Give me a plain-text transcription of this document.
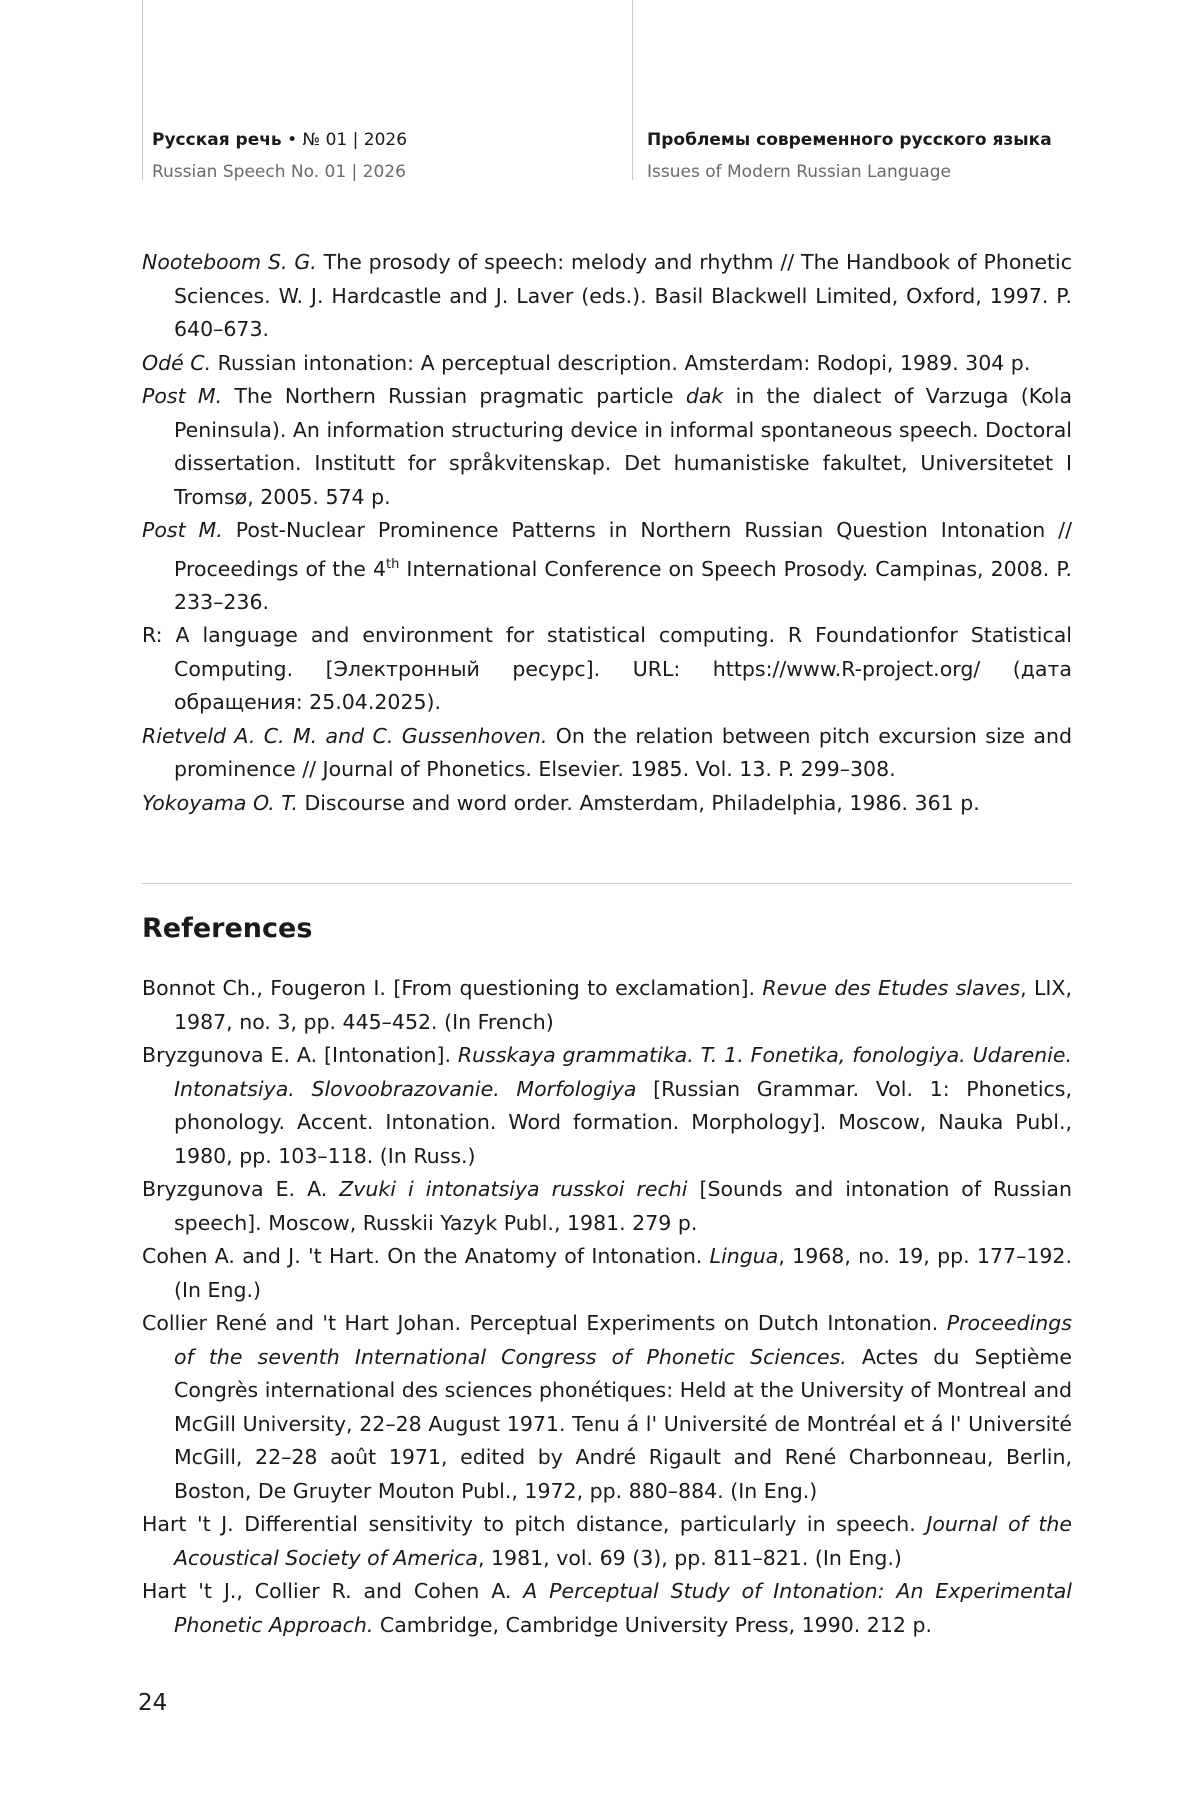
Русская речь • № 01 | 2026
Russian Speech No. 01 | 2026
Проблемы современного русского языка
Issues of Modern Russian Language

Nooteboom S. G. The prosody of speech: melody and rhythm // The Handbook of Phonetic Sciences. W. J. Hardcastle and J. Laver (eds.). Basil Blackwell Limited, Oxford, 1997. P. 640–673.

Odé C. Russian intonation: A perceptual description. Amsterdam: Rodopi, 1989. 304 p.

Post M. The Northern Russian pragmatic particle dak in the dialect of Varzuga (Kola Peninsula). An information structuring device in informal spontaneous speech. Doctoral dissertation. Institutt for språkvitenskap. Det humanistiske fakultet, Universitetet I Tromsø, 2005. 574 p.

Post M. Post-Nuclear Prominence Patterns in Northern Russian Question Intonation // Proceedings of the 4th International Conference on Speech Prosody. Campinas, 2008. P. 233–236.

R: A language and environment for statistical computing. R Foundationfor Statistical Computing. [Электронный ресурс]. URL: https://www.R-project.org/ (дата обращения: 25.04.2025).

Rietveld A. C. M. and C. Gussenhoven. On the relation between pitch excursion size and prominence // Journal of Phonetics. Elsevier. 1985. Vol. 13. P. 299–308.

Yokoyama O. T. Discourse and word order. Amsterdam, Philadelphia, 1986. 361 p.

References

Bonnot Ch., Fougeron I. [From questioning to exclamation]. Revue des Etudes slaves, LIX, 1987, no. 3, pp. 445–452. (In French)

Bryzgunova E. A. [Intonation]. Russkaya grammatika. T. 1. Fonetika, fonologiya. Udarenie. Intonatsiya. Slovoobrazovanie. Morfologiya [Russian Grammar. Vol. 1: Phonetics, phonology. Accent. Intonation. Word formation. Morphology]. Moscow, Nauka Publ., 1980, pp. 103–118. (In Russ.)

Bryzgunova E. A. Zvuki i intonatsiya russkoi rechi [Sounds and intonation of Russian speech]. Moscow, Russkii Yazyk Publ., 1981. 279 p.

Cohen A. and J. 't Hart. On the Anatomy of Intonation. Lingua, 1968, no. 19, pp. 177–192. (In Eng.)

Collier René and 't Hart Johan. Perceptual Experiments on Dutch Intonation. Proceedings of the seventh International Congress of Phonetic Sciences. Actes du Septième Congrès international des sciences phonétiques: Held at the University of Montreal and McGill University, 22–28 August 1971. Tenu á l' Université de Montréal et á l' Université McGill, 22–28 août 1971, edited by André Rigault and René Charbonneau, Berlin, Boston, De Gruyter Mouton Publ., 1972, pp. 880–884. (In Eng.)

Hart 't J. Differential sensitivity to pitch distance, particularly in speech. Journal of the Acoustical Society of America, 1981, vol. 69 (3), pp. 811–821. (In Eng.)

Hart 't J., Collier R. and Cohen A. A Perceptual Study of Intonation: An Experimental Phonetic Approach. Cambridge, Cambridge University Press, 1990. 212 p.

24
